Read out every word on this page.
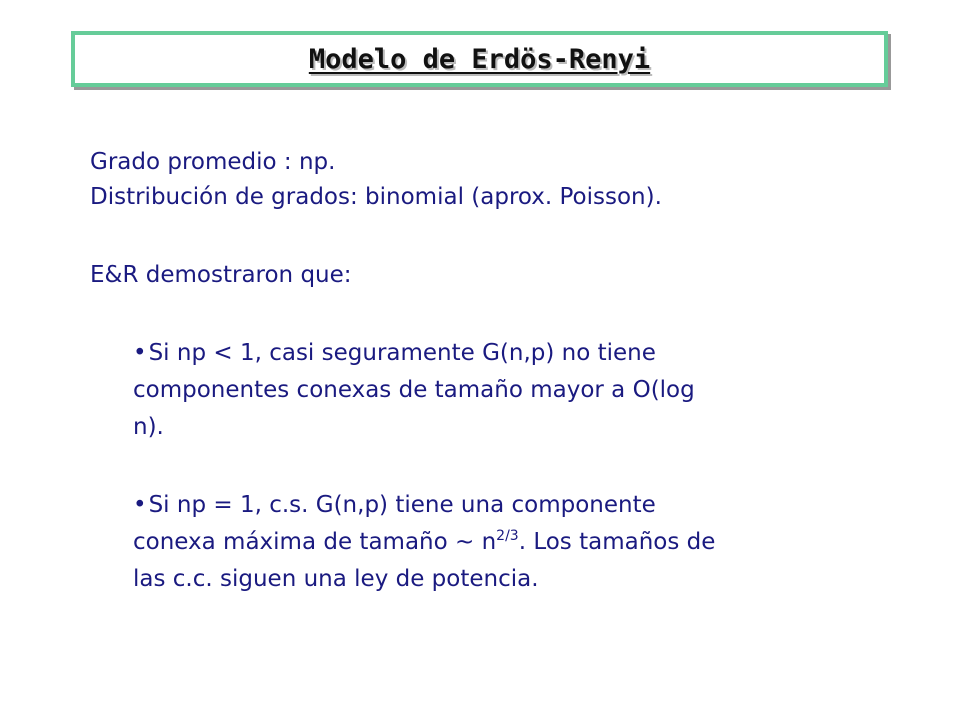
Modelo de Erdös-Renyi
Grado promedio : np.
Distribución de grados: binomial (aprox. Poisson).
E&R demostraron que:
•Si np < 1, casi seguramente G(n,p) no tiene
componentes conexas de tamaño mayor a O(log
n).
•Si np = 1, c.s. G(n,p) tiene una componente
conexa máxima de tamaño ~ $n^{2/3}$. Los tamaños de
las c.c. siguen una ley de potencia.
